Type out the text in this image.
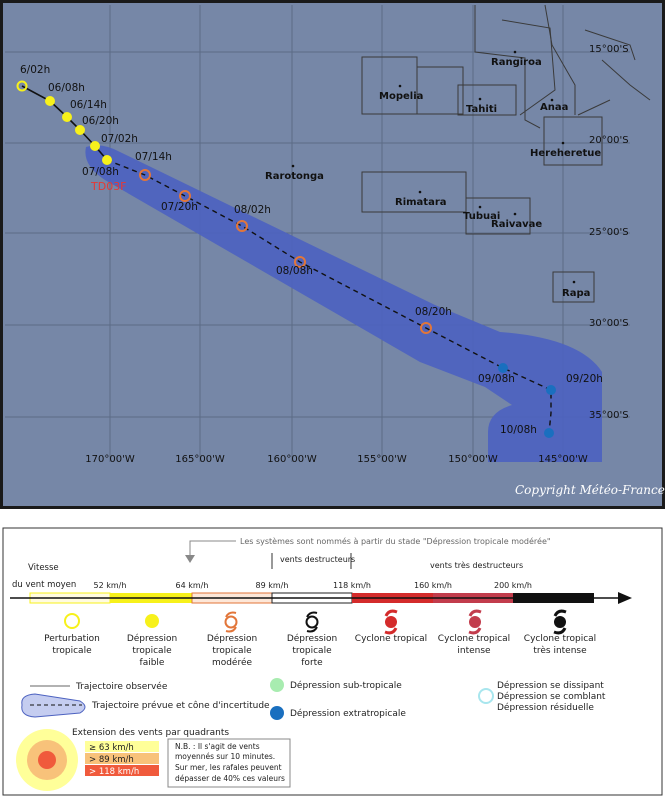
6/02h
06/08h
06/14h
06/20h
07/02h
07/08h
07/14h
07/20h	08/02h
08/08h
08/20h
09/08h	09/20h
10/08h
TD03F
Rangiroa
Mopelia
Tahiti	Anaa
Hereheretue
Rarotonga
Rimatara
Tubuai
Raivavae
Rapa
15°00'S
20°00'S
25°00'S
30°00'S
35°00'S
170°00'W	165°00'W	160°00'W	155°00'W	150°00'W	145°00'W
Copyright Météo-France
Les systèmes sont nommés à partir du stade "Dépression tropicale modérée"
Vitesse
du vent moyen
vents destructeurs
vents très destructeurs
52 km/h	64 km/h	89 km/h	118 km/h	160 km/h	200 km/h
Perturbation
tropicale
Dépression
tropicale
faible
Dépression
tropicale
modérée
Dépression
tropicale
forte
Cyclone tropical Cyclone tropical
intense
Cyclone tropical
très intense
Trajectoire observée
Trajectoire prévue et cône d'incertitude
Dépression sub-tropicale
Dépression extratropicale
Dépression se dissipant
Dépression se comblant
Dépression résiduelle
Extension des vents par quadrants
≥ 63 km/h
> 89 km/h
> 118 km/h
N.B. : Il s'agit de vents
moyennés sur 10 minutes.
Sur mer, les rafales peuvent
dépasser de 40% ces valeurs
